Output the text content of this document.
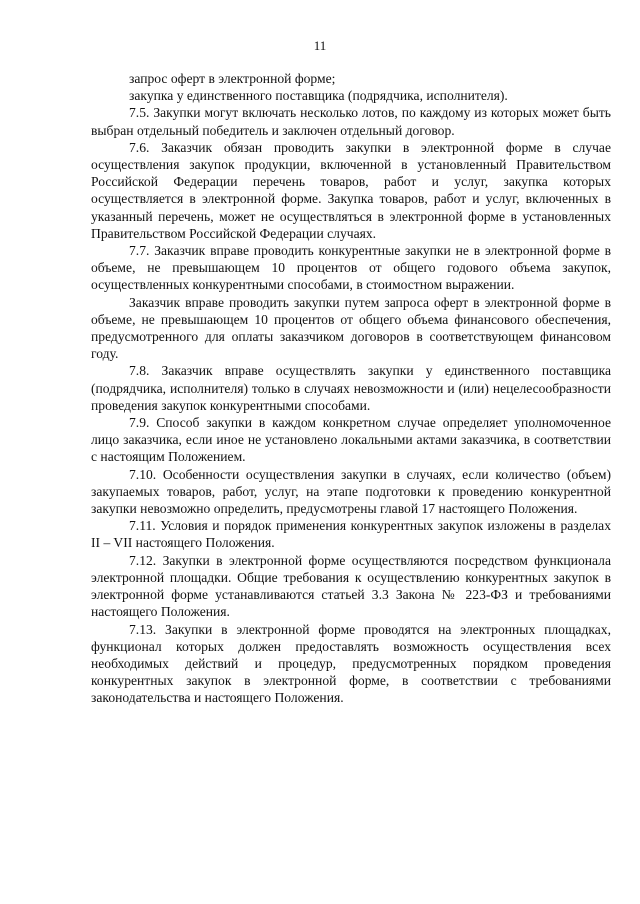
11

запрос оферт в электронной форме;

закупка у единственного поставщика (подрядчика, исполнителя).

7.5. Закупки могут включать несколько лотов, по каждому из которых может быть выбран отдельный победитель и заключен отдельный договор.

7.6. Заказчик обязан проводить закупки в электронной форме в случае осуществления закупок продукции, включенной в установленный Правительством Российской Федерации перечень товаров, работ и услуг, закупка которых осуществляется в электронной форме. Закупка товаров, работ и услуг, включенных в указанный перечень, может не осуществляться в электронной форме в установленных Правительством Российской Федерации случаях.

7.7. Заказчик вправе проводить конкурентные закупки не в электронной форме в объеме, не превышающем 10 процентов от общего годового объема закупок, осуществленных конкурентными способами, в стоимостном выражении.

Заказчик вправе проводить закупки путем запроса оферт в электронной форме в объеме, не превышающем 10 процентов от общего объема финансового обеспечения, предусмотренного для оплаты заказчиком договоров в соответствующем финансовом году.

7.8. Заказчик вправе осуществлять закупки у единственного поставщика (подрядчика, исполнителя) только в случаях невозможности и (или) нецелесообразности проведения закупок конкурентными способами.

7.9. Способ закупки в каждом конкретном случае определяет уполномоченное лицо заказчика, если иное не установлено локальными актами заказчика, в соответствии с настоящим Положением.

7.10. Особенности осуществления закупки в случаях, если количество (объем) закупаемых товаров, работ, услуг, на этапе подготовки к проведению конкурентной закупки невозможно определить, предусмотрены главой 17 настоящего Положения.

7.11. Условия и порядок применения конкурентных закупок изложены в разделах II – VII настоящего Положения.

7.12. Закупки в электронной форме осуществляются посредством функционала электронной площадки. Общие требования к осуществлению конкурентных закупок в электронной форме устанавливаются статьей 3.3 Закона № 223-ФЗ и требованиями настоящего Положения.

7.13. Закупки в электронной форме проводятся на электронных площадках, функционал которых должен предоставлять возможность осуществления всех необходимых действий и процедур, предусмотренных порядком проведения конкурентных закупок в электронной форме, в соответствии с требованиями законодательства и настоящего Положения.
